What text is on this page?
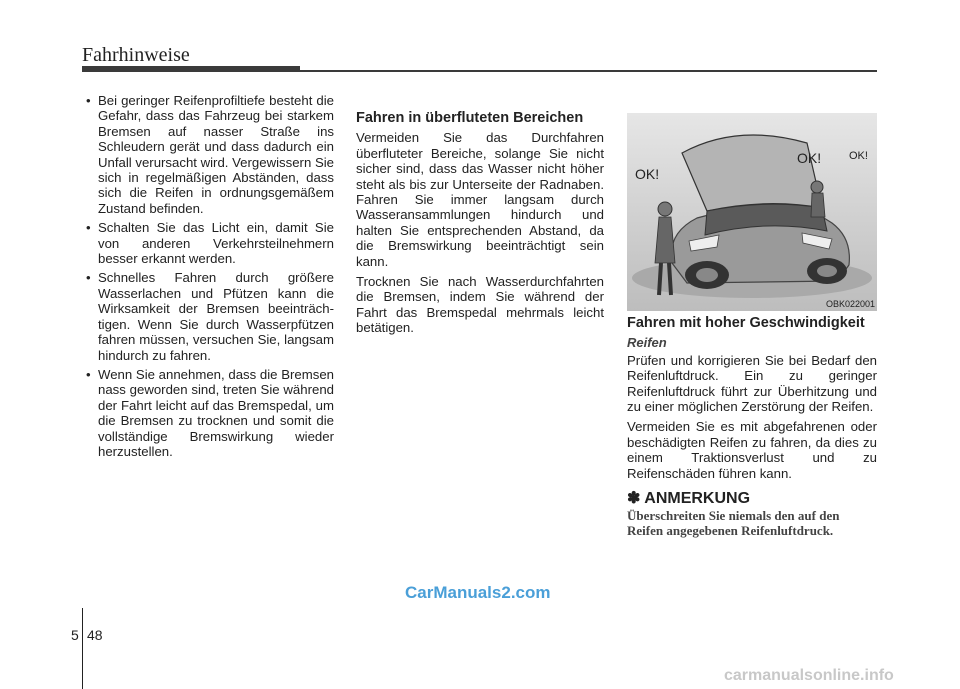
Fahrhinweise
• Bei geringer Reifenprofiltiefe besteht die Gefahr, dass das Fahrzeug bei starkem Bremsen auf nasser Straße ins Schleudern gerät und dass dadurch ein Unfall verursacht wird. Vergewissern Sie sich in regelmäßigen Abständen, dass sich die Reifen in ordnungsgemäßem Zustand befinden.
• Schalten Sie das Licht ein, damit Sie von anderen Verkehrsteilnehmern besser erkannt werden.
• Schnelles Fahren durch größere Wasserlachen und Pfützen kann die Wirksamkeit der Bremsen beeinträch-tigen. Wenn Sie durch Wasserpfützen fahren müssen, versuchen Sie, langsam hindurch zu fahren.
• Wenn Sie annehmen, dass die Bremsen nass geworden sind, treten Sie während der Fahrt leicht auf das Bremspedal, um die Bremsen zu trocknen und somit die vollständige Bremswirkung wieder herzustellen.
Fahren in überfluteten Bereichen

Vermeiden Sie das Durchfahren überfluteter Bereiche, solange Sie nicht sicher sind, dass das Wasser nicht höher steht als bis zur Unterseite der Radnaben. Fahren Sie immer langsam durch Wasseransammlungen hindurch und halten Sie entsprechenden Abstand, da die Bremswirkung beeinträchtigt sein kann.

Trocknen Sie nach Wasserdurchfahrten die Bremsen, indem Sie während der Fahrt das Bremspedal mehrmals leicht betätigen.

OK!
OK!	OK!
OBK022001
Fahren mit hoher Geschwindigkeit
Reifen

Prüfen und korrigieren Sie bei Bedarf den Reifenluftdruck. Ein zu geringer Reifenluftdruck führt zur Überhitzung und zu einer möglichen Zerstörung der Reifen.

Vermeiden Sie es mit abgefahrenen oder beschädigten Reifen zu fahren, da dies zu einem Traktionsverlust und zu Reifenschäden führen kann.

✽ ANMERKUNG
Überschreiten Sie niemals den auf den Reifen angegebenen Reifenluftdruck.
CarManuals2.com
5 48
carmanualsonline.info
